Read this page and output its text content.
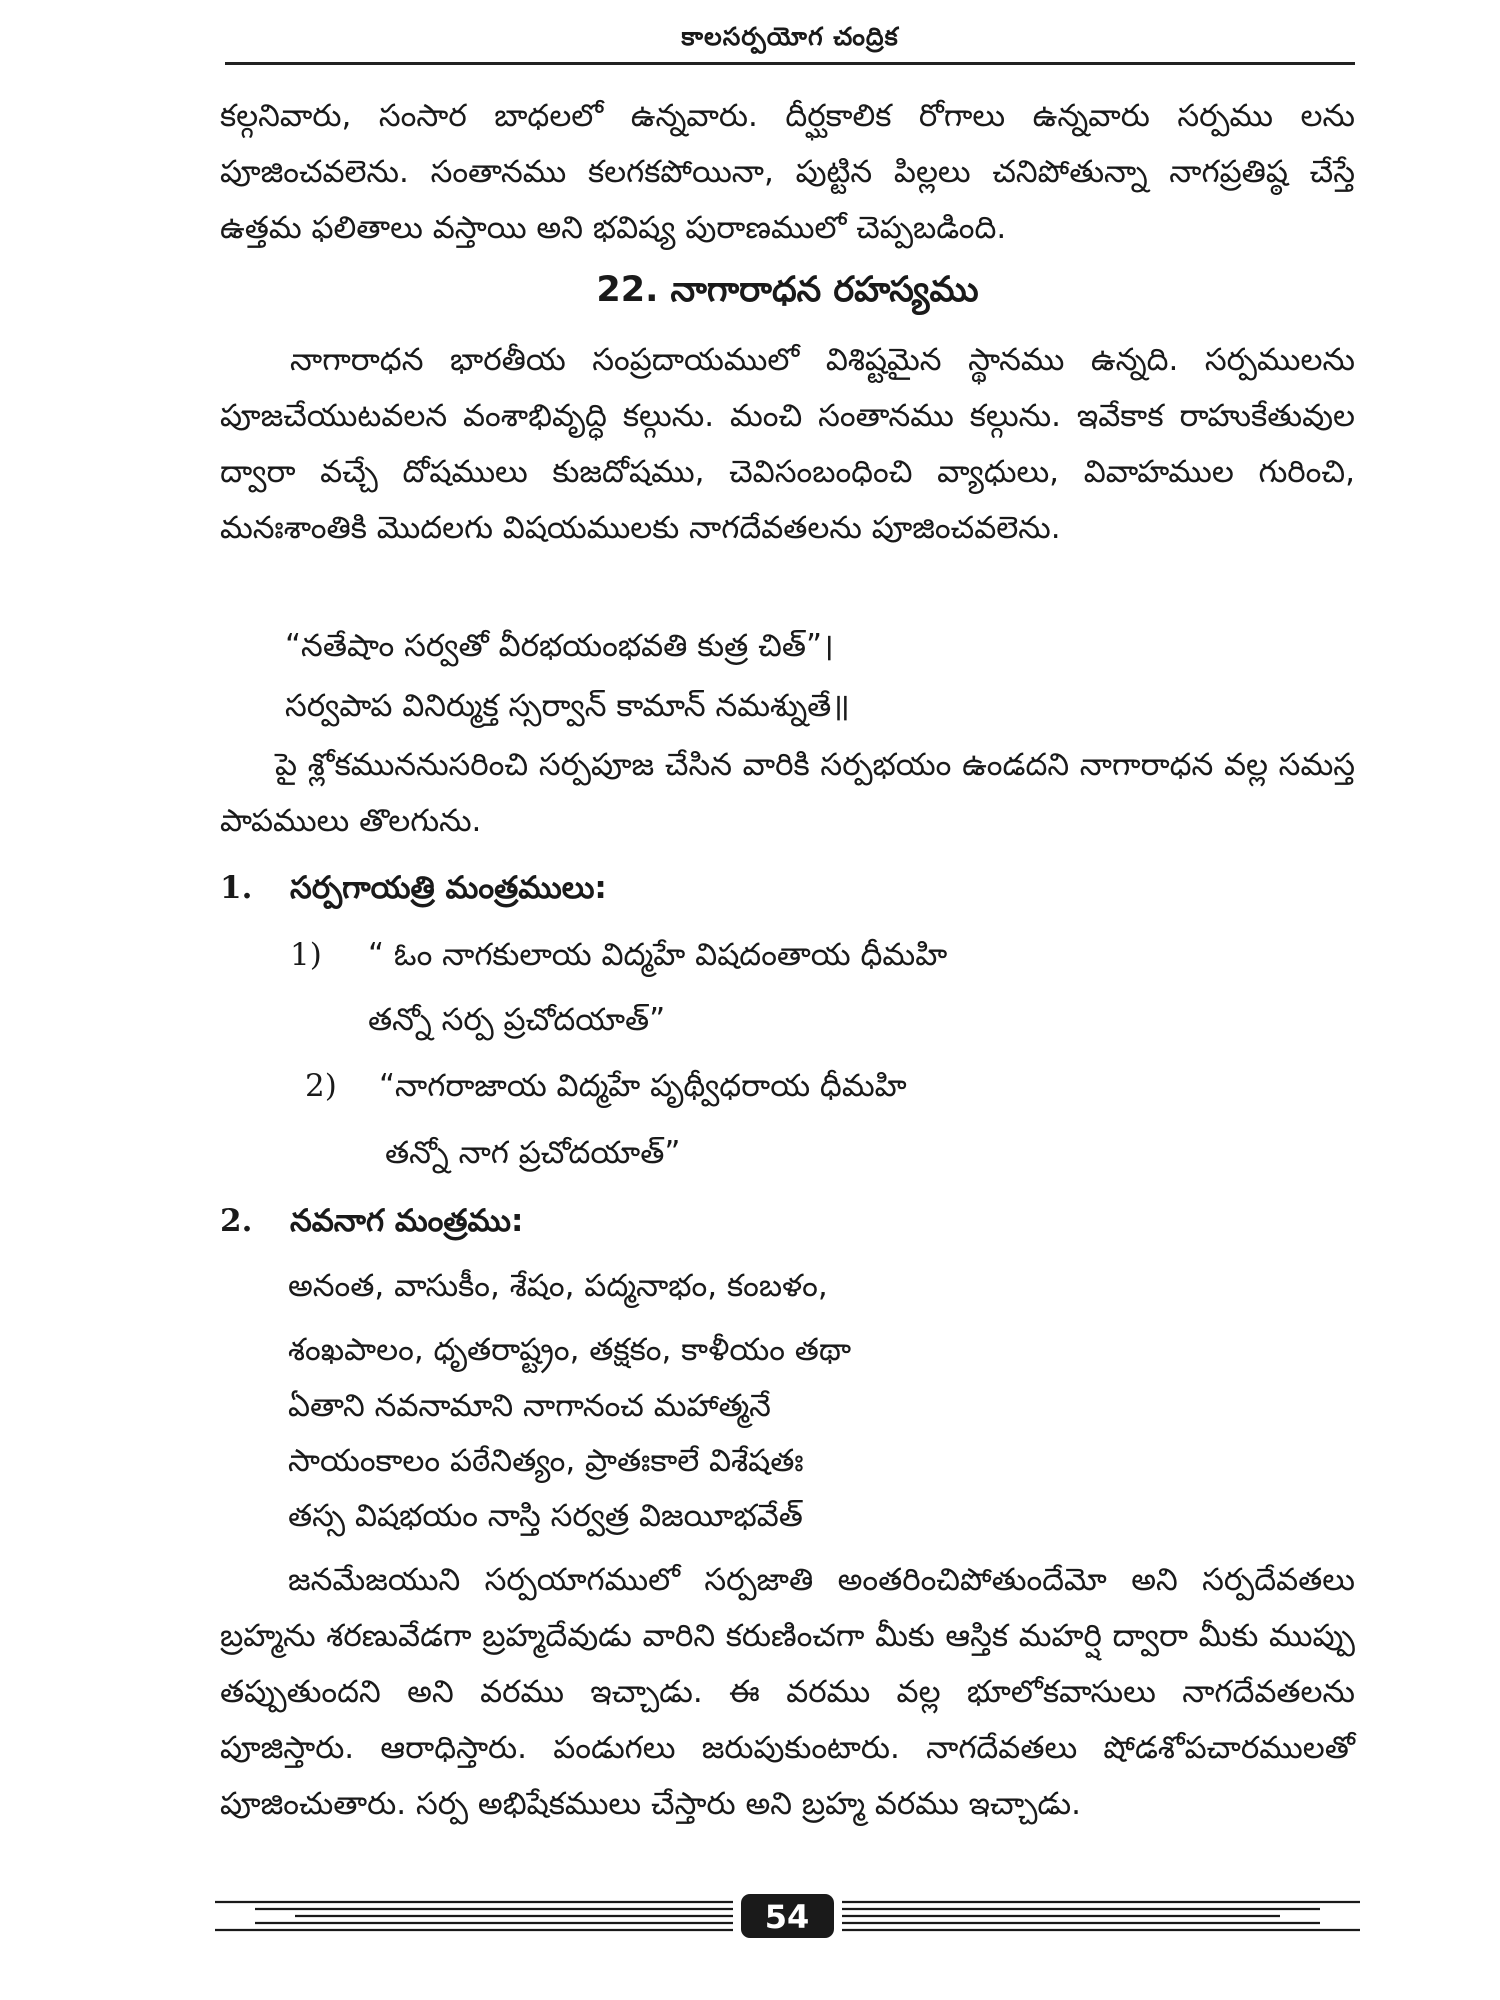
కాలసర్పయోగ చంద్రిక

కల్గనివారు, సంసార బాధలలో ఉన్నవారు. దీర్ఘకాలిక రోగాలు ఉన్నవారు సర్పము లను పూజించవలెను. సంతానము కలగకపోయినా, పుట్టిన పిల్లలు చనిపోతున్నా నాగప్రతిష్ఠ చేస్తే ఉత్తమ ఫలితాలు వస్తాయి అని భవిష్య పురాణములో చెప్పబడింది.

22. నాగారాధన రహస్యము

నాగారాధన భారతీయ సంప్రదాయములో విశిష్టమైన స్థానము ఉన్నది. సర్పములను పూజచేయుటవలన వంశాభివృద్ధి కల్గును. మంచి సంతానము కల్గును. ఇవేకాక రాహుకేతువుల ద్వారా వచ్చే దోషములు కుజదోషము, చెవిసంబంధించి వ్యాధులు, వివాహముల గురించి, మనఃశాంతికి మొదలగు విషయములకు నాగదేవతలను పూజించవలెను.

“నతేషాం సర్వతో వీరభయంభవతి కుత్ర చిత్”।
సర్వపాప వినిర్ముక్త స్సర్వాన్ కామాన్ నమశ్నుతే॥

పై శ్లోకముననుసరించి సర్పపూజ చేసిన వారికి సర్పభయం ఉండదని నాగారాధన వల్ల సమస్త పాపములు తొలగును.

1. సర్పగాయత్రి మంత్రములు:
1) “ ఓం నాగకులాయ విద్మహే విషదంతాయ ధీమహి
తన్నో సర్ప ప్రచోదయాత్”
2) “నాగరాజాయ విద్మహే పృథ్వీధరాయ ధీమహి
తన్నో నాగ ప్రచోదయాత్”
2. నవనాగ మంత్రము:
అనంత, వాసుకీం, శేషం, పద్మనాభం, కంబళం,
శంఖపాలం, ధృతరాష్ట్రం, తక్షకం, కాళీయం తథా
ఏతాని నవనామాని నాగానంచ మహాత్మనే
సాయంకాలం పఠేనిత్యం, ప్రాతఃకాలే విశేషతః
తస్స విషభయం నాస్తి సర్వత్ర విజయీభవేత్

జనమేజయుని సర్పయాగములో సర్పజాతి అంతరించిపోతుందేమో అని సర్పదేవతలు బ్రహ్మను శరణువేడగా బ్రహ్మదేవుడు వారిని కరుణించగా మీకు ఆస్తిక మహర్షి ద్వారా మీకు ముప్పు తప్పుతుందని అని వరము ఇచ్చాడు. ఈ వరము వల్ల భూలోకవాసులు నాగదేవతలను పూజిస్తారు. ఆరాధిస్తారు. పండుగలు జరుపుకుంటారు. నాగదేవతలు షోడశోపచారములతో పూజించుతారు. సర్ప అభిషేకములు చేస్తారు అని బ్రహ్మ వరము ఇచ్చాడు.

54
